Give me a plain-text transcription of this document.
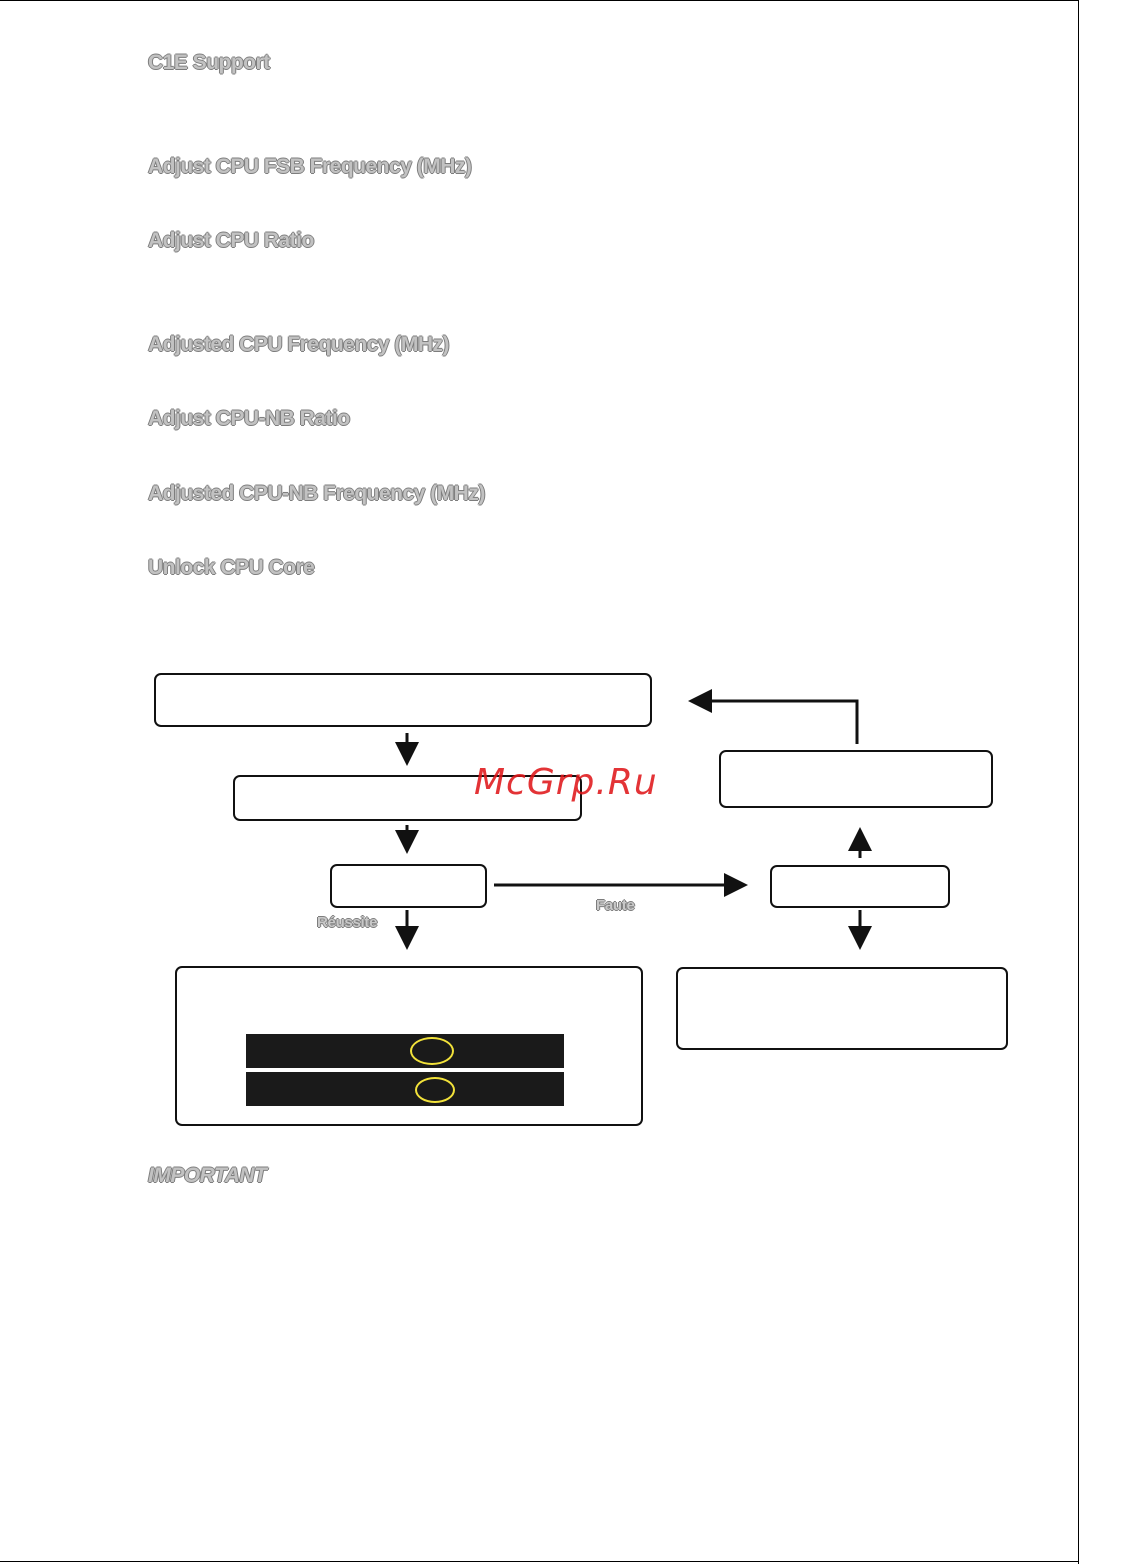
C1E Support
Adjust CPU FSB Frequency (MHz)
Adjust CPU Ratio
Adjusted CPU Frequency (MHz)
Adjust CPU-NB Ratio
Adjusted CPU-NB Frequency (MHz)
Unlock CPU Core
Réussite
Faute
McGrp.Ru
IMPORTANT
